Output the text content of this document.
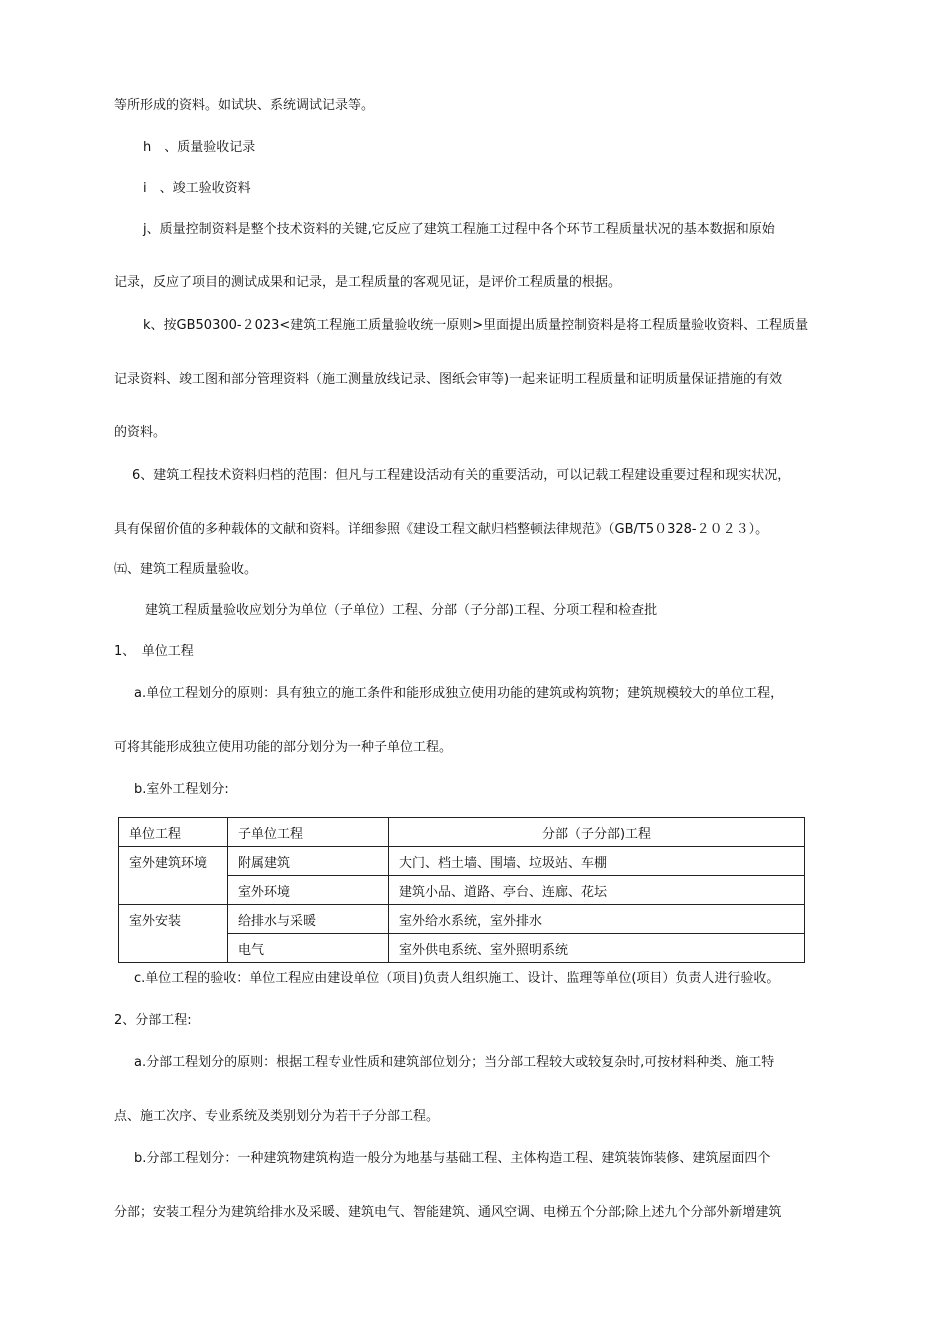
等所形成的资料。如试块、系统调试记录等。
h　、质量验收记录
i　、竣工验收资料
j、质量控制资料是整个技术资料的关键,它反应了建筑工程施工过程中各个环节工程质量状况的基本数据和原始
记录，反应了项目的测试成果和记录，是工程质量的客观见证，是评价工程质量的根据。
k、按GB50300-２023<建筑工程施工质量验收统一原则>里面提出质量控制资料是将工程质量验收资料、工程质量
记录资料、竣工图和部分管理资料（施工测量放线记录、图纸会审等)一起来证明工程质量和证明质量保证措施的有效
的资料。
6、建筑工程技术资料归档的范围：但凡与工程建设活动有关的重要活动，可以记载工程建设重要过程和现实状况，
具有保留价值的多种载体的文献和资料。详细参照《建设工程文献归档整顿法律规范》（GB/T5０328-２０２３）。
㈤、建筑工程质量验收。
建筑工程质量验收应划分为单位（子单位）工程、分部（子分部)工程、分项工程和检查批
1、　单位工程
a.单位工程划分的原则：具有独立的施工条件和能形成独立使用功能的建筑或构筑物；建筑规模较大的单位工程，
可将其能形成独立使用功能的部分划分为一种子单位工程。
b.室外工程划分:
单位工程	子单位工程	分部（子分部)工程
室外建筑环境	附属建筑	大门、档土墙、围墙、垃圾站、车棚
	室外环境	建筑小品、道路、亭台、连廊、花坛
室外安装	给排水与采暖	室外给水系统，室外排水
	电气	室外供电系统、室外照明系统
c.单位工程的验收：单位工程应由建设单位（项目)负责人组织施工、设计、监理等单位(项目）负责人进行验收。
2、分部工程:
a.分部工程划分的原则：根据工程专业性质和建筑部位划分；当分部工程较大或较复杂时,可按材料种类、施工特
点、施工次序、专业系统及类别划分为若干子分部工程。
b.分部工程划分：一种建筑物建筑构造一般分为地基与基础工程、主体构造工程、建筑装饰装修、建筑屋面四个
分部；安装工程分为建筑给排水及采暖、建筑电气、智能建筑、通风空调、电梯五个分部;除上述九个分部外新增建筑
